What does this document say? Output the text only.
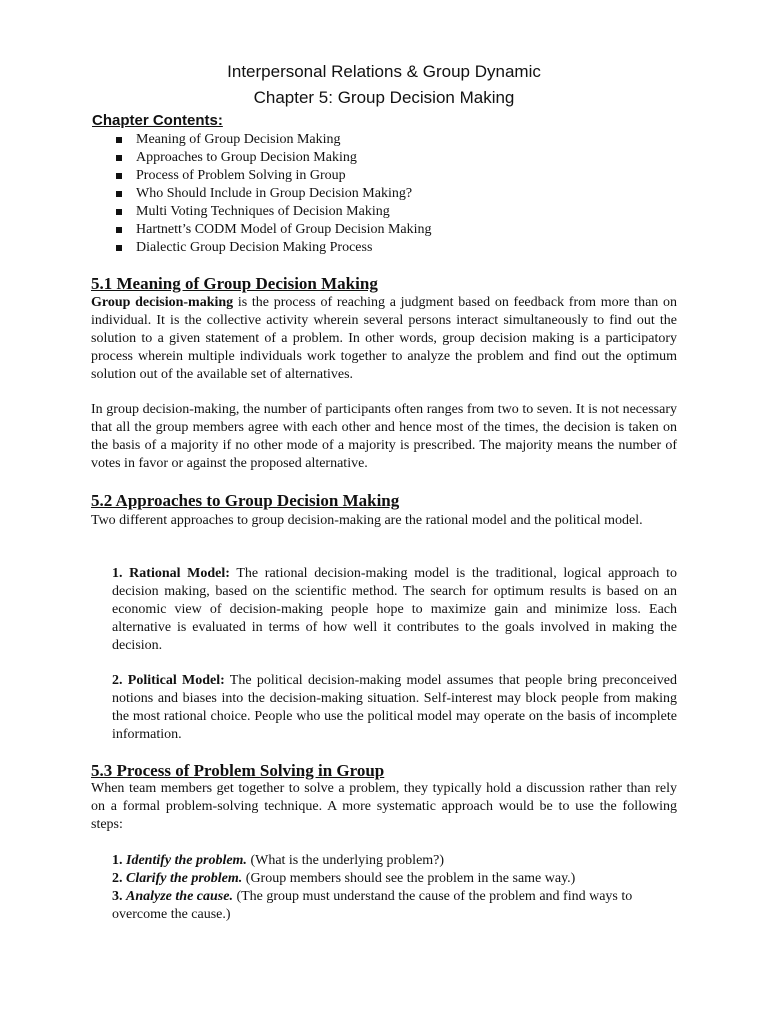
Interpersonal Relations & Group Dynamic
Chapter 5: Group Decision Making
Chapter Contents:
Meaning of Group Decision Making
Approaches to Group Decision Making
Process of Problem Solving in Group
Who Should Include in Group Decision Making?
Multi Voting Techniques of Decision Making
Hartnett’s CODM Model of Group Decision Making
Dialectic Group Decision Making Process
5.1 Meaning of Group Decision Making

Group decision-making is the process of reaching a judgment based on feedback from more than on individual. It is the collective activity wherein several persons interact simultaneously to find out the solution to a given statement of a problem. In other words, group decision making is a participatory process wherein multiple individuals work together to analyze the problem and find out the optimum solution out of the available set of alternatives.

In group decision-making, the number of participants often ranges from two to seven. It is not necessary that all the group members agree with each other and hence most of the times, the decision is taken on the basis of a majority if no other mode of a majority is prescribed. The majority means the number of votes in favor or against the proposed alternative.

5.2 Approaches to Group Decision Making

Two different approaches to group decision-making are the rational model and the political model.

1. Rational Model: The rational decision-making model is the traditional, logical approach to decision making, based on the scientific method. The search for optimum results is based on an economic view of decision-making people hope to maximize gain and minimize loss. Each alternative is evaluated in terms of how well it contributes to the goals involved in making the decision.

2. Political Model: The political decision-making model assumes that people bring preconceived notions and biases into the decision-making situation. Self-interest may block people from making the most rational choice. People who use the political model may operate on the basis of incomplete information.

5.3 Process of Problem Solving in Group

When team members get together to solve a problem, they typically hold a discussion rather than rely on a formal problem-solving technique. A more systematic approach would be to use the following steps:

1. Identify the problem. (What is the underlying problem?)

2. Clarify the problem. (Group members should see the problem in the same way.)

3. Analyze the cause. (The group must understand the cause of the problem and find ways to overcome the cause.)
